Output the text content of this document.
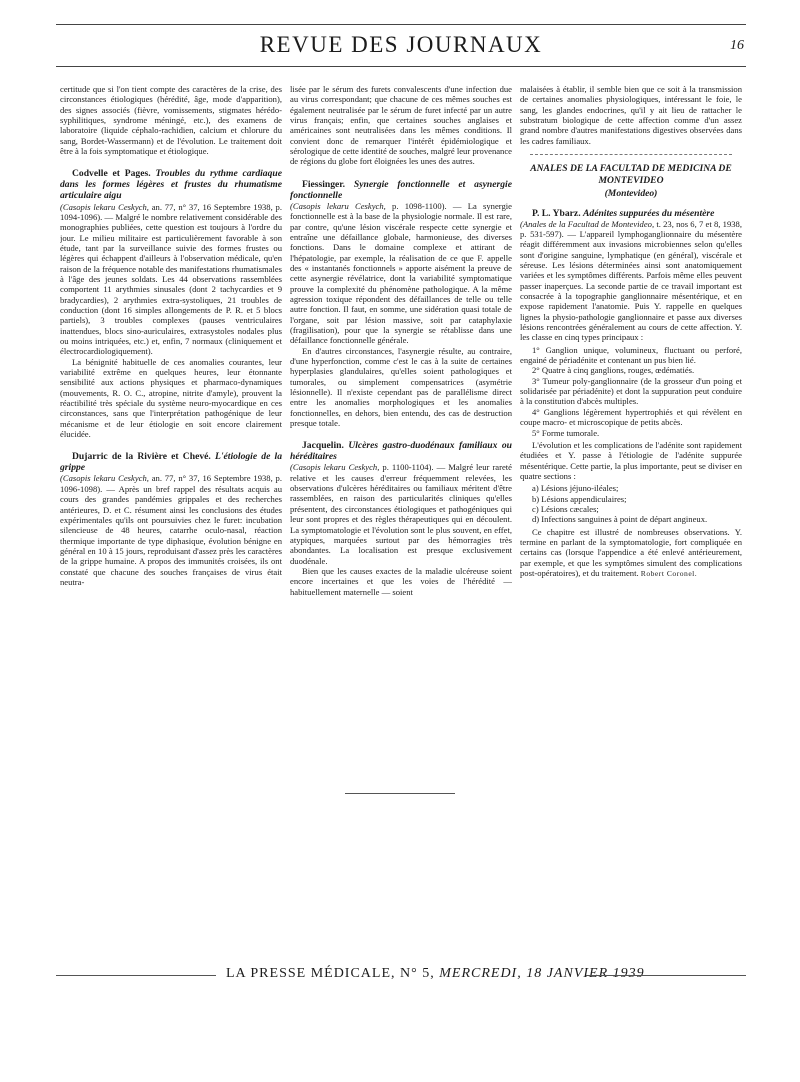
REVUE DES JOURNAUX	16

certitude que si l'on tient compte des caractères de la crise, des circonstances étiologiques (hérédité, âge, mode d'apparition), des signes associés (fièvre, vomissements, stigmates hérédo-syphilitiques, syndrome méningé, etc.), des examens de laboratoire (liquide céphalo-rachidien, calcium et chlorure du sang, Bordet-Wassermann) et de l'évolution. Le traitement doit être à la fois symptomatique et étiologique.

Codvelle et Pages. Troubles du rythme cardiaque dans les formes légères et frustes du rhumatisme articulaire aigu

(Casopis lekaru Ceskych, an. 77, n° 37, 16 Septembre 1938, p. 1094-1096). — Malgré le nombre relativement considérable des monographies publiées, cette question est toujours à l'ordre du jour. Le milieu militaire est particulièrement favorable à son étude, tant par la surveillance suivie des formes frustes ou légères qui échappent d'ailleurs à l'observation médicale, qu'en raison de la fréquence notable des manifestations rhumatismales à l'âge des jeunes soldats. Les 44 observations rassemblées comportent 11 arythmies sinusales (dont 2 tachycardies et 9 bradycardies), 2 arythmies extra-systoliques, 21 troubles de conduction (dont 16 simples allongements de P. R. et 5 blocs partiels), 3 troubles complexes (pauses ventriculaires inattendues, blocs sino-auriculaires, extrasystoles nodales plus ou moins intriquées, etc.) et, enfin, 7 normaux (cliniquement et électrocardiologiquement).

La bénignité habituelle de ces anomalies courantes, leur variabilité extrême en quelques heures, leur étonnante sensibilité aux actions physiques et pharmaco-dynamiques (mouvements, R. O. C., atropine, nitrite d'amyle), prouvent la réactibilité très spéciale du système neuro-myocardique en ces circonstances, sans que l'interprétation pathogénique de leur mécanisme et de leur étiologie en soit encore clairement élucidée.

Dujarric de la Rivière et Chevé. L'étiologie de la grippe

(Casopis lekaru Ceskych, an. 77, n° 37, 16 Septembre 1938, p. 1096-1098). — Après un bref rappel des résultats acquis au cours des grandes pandémies grippales et des recherches antérieures, D. et C. résument ainsi les conclusions des études expérimentales qu'ils ont poursuivies chez le furet: incubation silencieuse de 48 heures, catarrhe oculo-nasal, réaction thermique importante de type diphasique, évolution bénigne en général en 10 à 15 jours, reproduisant d'assez près les caractères de la grippe humaine. A propos des immunités croisées, ils ont constaté que chacune des souches françaises de virus était neutra-

lisée par le sérum des furets convalescents d'une infection due au virus correspondant; que chacune de ces mêmes souches est également neutralisée par le sérum de furet infecté par un autre virus français; enfin, que certaines souches anglaises et américaines sont neutralisées dans les mêmes conditions. Il convient donc de remarquer l'intérêt épidémiologique et sérologique de cette identité de souches, malgré leur provenance de régions du globe fort éloignées les unes des autres.

Fiessinger. Synergie fonctionnelle et asynergie fonctionnelle

(Casopis lekaru Ceskych, p. 1098-1100). — La synergie fonctionnelle est à la base de la physiologie normale. Il est rare, par contre, qu'une lésion viscérale respecte cette synergie et entraîne une défaillance globale, harmonieuse, des diverses fonctions. Dans le domaine complexe et attirant de l'hépatologie, par exemple, la réalisation de ce que F. appelle des « instantanés fonctionnels » apporte aisément la preuve de cette asynergie révélatrice, dont la variabilité symptomatique prouve la complexité du phénomène pathologique. A la même agression toxique répondent des défaillances de telle ou telle autre fonction. Il faut, en somme, une sidération quasi totale de l'organe, soit par lésion massive, soit par cataphylaxie (fragilisation), pour que la synergie se rétablisse dans une défaillance fonctionnelle générale.

En d'autres circonstances, l'asynergie résulte, au contraire, d'une hyperfonction, comme c'est le cas à la suite de certaines hyperplasies glandulaires, qu'elles soient pathologiques et tumorales, ou simplement compensatrices (asymétrie lésionnelle). Il n'existe cependant pas de parallélisme direct entre les anomalies morphologiques et les anomalies fonctionnelles, en dehors, bien entendu, des cas de destruction presque totale.

Jacquelin. Ulcères gastro-duodénaux familiaux ou héréditaires

(Casopis lekaru Ceskych, p. 1100-1104). — Malgré leur rareté relative et les causes d'erreur fréquemment relevées, les observations d'ulcères héréditaires ou familiaux méritent d'être rassemblées, en raison des particularités cliniques qu'elles présentent, des circonstances étiologiques et pathogéniques qui leur sont propres et des règles thérapeutiques qui en découlent. La symptomatologie et l'évolution sont le plus souvent, en effet, atypiques, marquées surtout par des hémorragies très abondantes. La localisation est presque exclusivement duodénale.

Bien que les causes exactes de la maladie ulcéreuse soient encore incertaines et que les voies de l'hérédité — habituellement maternelle — soient

malaisées à établir, il semble bien que ce soit à la transmission de certaines anomalies physiologiques, intéressant le foie, le sang, les glandes endocrines, qu'il y ait lieu de rattacher le substratum biologique de cette affection comme d'un assez grand nombre d'autres manifestations digestives observées dans les cadres familiaux.

ANALES DE LA FACULTAD DE MEDICINA DE MONTEVIDEO
(Montevideo)
P. L. Ybarz. Adénites suppurées du mésentère

(Anales de la Facultad de Montevideo, t. 23, nos 6, 7 et 8, 1938, p. 531-597). — L'appareil lymphoganglionnaire du mésentère réagit différemment aux invasions microbiennes selon qu'elles sont d'origine sanguine, lymphatique (en général), viscérale et séreuse. Les lésions déterminées ainsi sont anatomiquement variées et les symptômes différents. Parfois même elles peuvent passer inaperçues. La seconde partie de ce travail important est consacrée à la topographie ganglionnaire mésentérique, et en expose rapidement l'anatomie. Puis Y. rappelle en quelques lignes la physio-pathologie ganglionnaire et passe aux diverses lésions rencontrées généralement au cours de cette affection. Y. les classe en cinq types principaux :

1° Ganglion unique, volumineux, fluctuant ou perforé, engainé de périadénite et contenant un pus bien lié.
2° Quatre à cinq ganglions, rouges, œdématiés.
3° Tumeur poly-ganglionnaire (de la grosseur d'un poing et solidarisée par périadénite) et dont la suppuration peut conduire à la constitution d'abcès multiples.
4° Ganglions légèrement hypertrophiés et qui révèlent en coupe macro- et microscopique de petits abcès.
5° Forme tumorale.

L'évolution et les complications de l'adénite sont rapidement étudiées et Y. passe à l'étiologie de l'adénite suppurée mésentérique. Cette partie, la plus importante, peut se diviser en quatre sections :

a) Lésions jéjuno-iléales;
b) Lésions appendiculaires;
c) Lésions cæcales;
d) Infections sanguines à point de départ angineux.

Ce chapitre est illustré de nombreuses observations. Y. termine en parlant de la symptomatologie, fort compliquée en certains cas (lorsque l'appendice a été enlevé antérieurement, par exemple, et que les symptômes simulent des complications post-opératoires), et du traitement. Robert Coronel.

LA PRESSE MÉDICALE, N° 5, MERCREDI, 18 JANVIER 1939
